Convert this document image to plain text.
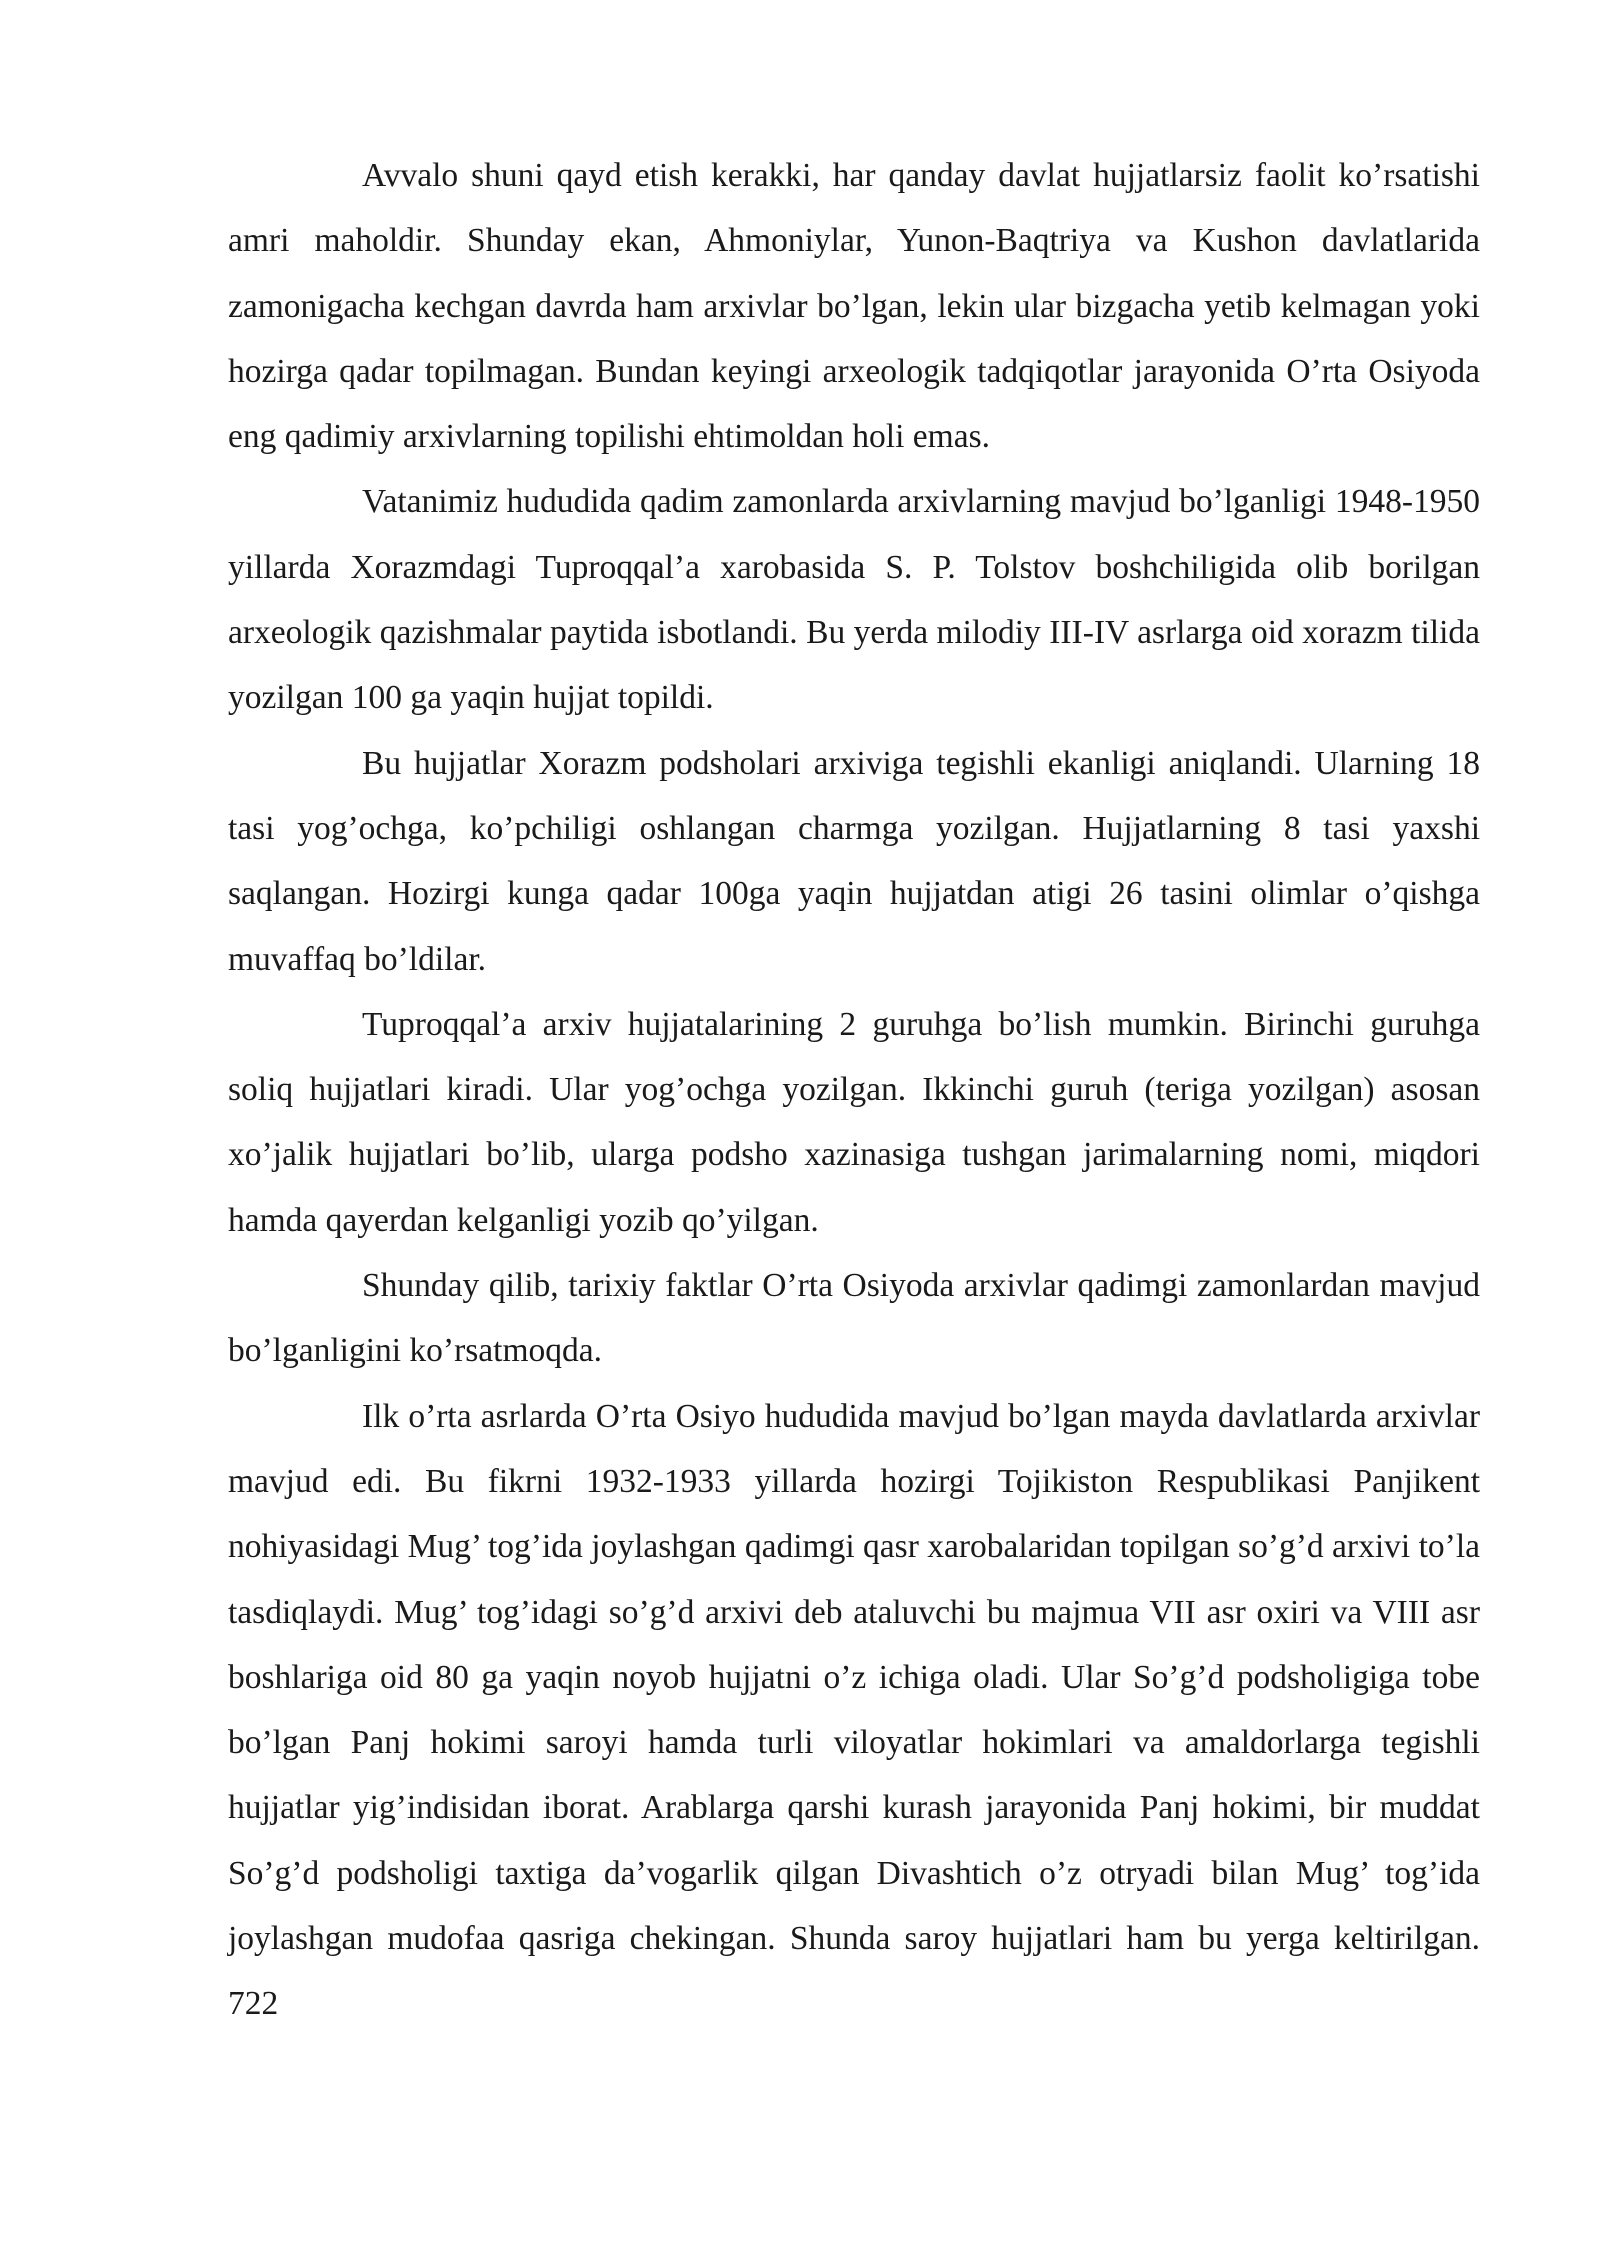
Avvalo shuni qayd etish kerakki, har qanday davlat hujjatlarsiz faolit ko’rsatishi amri maholdir. Shunday ekan, Ahmoniylar, Yunon-Baqtriya va Kushon davlatlarida zamonigacha kechgan davrda ham arxivlar bo’lgan, lekin ular bizgacha yetib kelmagan yoki hozirga qadar topilmagan. Bundan keyingi arxeologik tadqiqotlar jarayonida O’rta Osiyoda eng qadimiy arxivlarning topilishi ehtimoldan holi emas.

Vatanimiz hududida qadim zamonlarda arxivlarning mavjud bo’lganligi 1948-1950 yillarda Xorazmdagi Tuproqqal’a xarobasida S. P. Tolstov boshchiligida olib borilgan arxeologik qazishmalar paytida isbotlandi. Bu yerda milodiy III-IV asrlarga oid xorazm tilida yozilgan 100 ga yaqin hujjat topildi.

Bu hujjatlar Xorazm podsholari arxiviga tegishli ekanligi aniqlandi. Ularning 18 tasi yog’ochga, ko’pchiligi oshlangan charmga yozilgan. Hujjatlarning 8 tasi yaxshi saqlangan. Hozirgi kunga qadar 100ga yaqin hujjatdan atigi 26 tasini olimlar o’qishga muvaffaq bo’ldilar.

Tuproqqal’a arxiv hujjatalarining 2 guruhga bo’lish mumkin. Birinchi guruhga soliq hujjatlari kiradi. Ular yog’ochga yozilgan. Ikkinchi guruh (teriga yozilgan) asosan xo’jalik hujjatlari bo’lib, ularga podsho xazinasiga tushgan jarimalarning nomi, miqdori hamda qayerdan kelganligi yozib qo’yilgan.

Shunday qilib, tarixiy faktlar O’rta Osiyoda arxivlar qadimgi zamonlardan mavjud bo’lganligini ko’rsatmoqda.

Ilk o’rta asrlarda O’rta Osiyo hududida mavjud bo’lgan mayda davlatlarda arxivlar mavjud edi. Bu fikrni 1932-1933 yillarda hozirgi Tojikiston Respublikasi Panjikent nohiyasidagi Mug’ tog’ida joylashgan qadimgi qasr xarobalaridan topilgan so’g’d arxivi to’la tasdiqlaydi. Mug’ tog’idagi so’g’d arxivi deb ataluvchi bu majmua VII asr oxiri va VIII asr boshlariga oid 80 ga yaqin noyob hujjatni o’z ichiga oladi. Ular So’g’d podsholigiga tobe bo’lgan Panj hokimi saroyi hamda turli viloyatlar hokimlari va amaldorlarga tegishli hujjatlar yig’indisidan iborat. Arablarga qarshi kurash jarayonida Panj hokimi, bir muddat So’g’d podsholigi taxtiga da’vogarlik qilgan Divashtich o’z otryadi bilan Mug’ tog’ida joylashgan mudofaa qasriga chekingan. Shunda saroy hujjatlari ham bu yerga keltirilgan. 722
